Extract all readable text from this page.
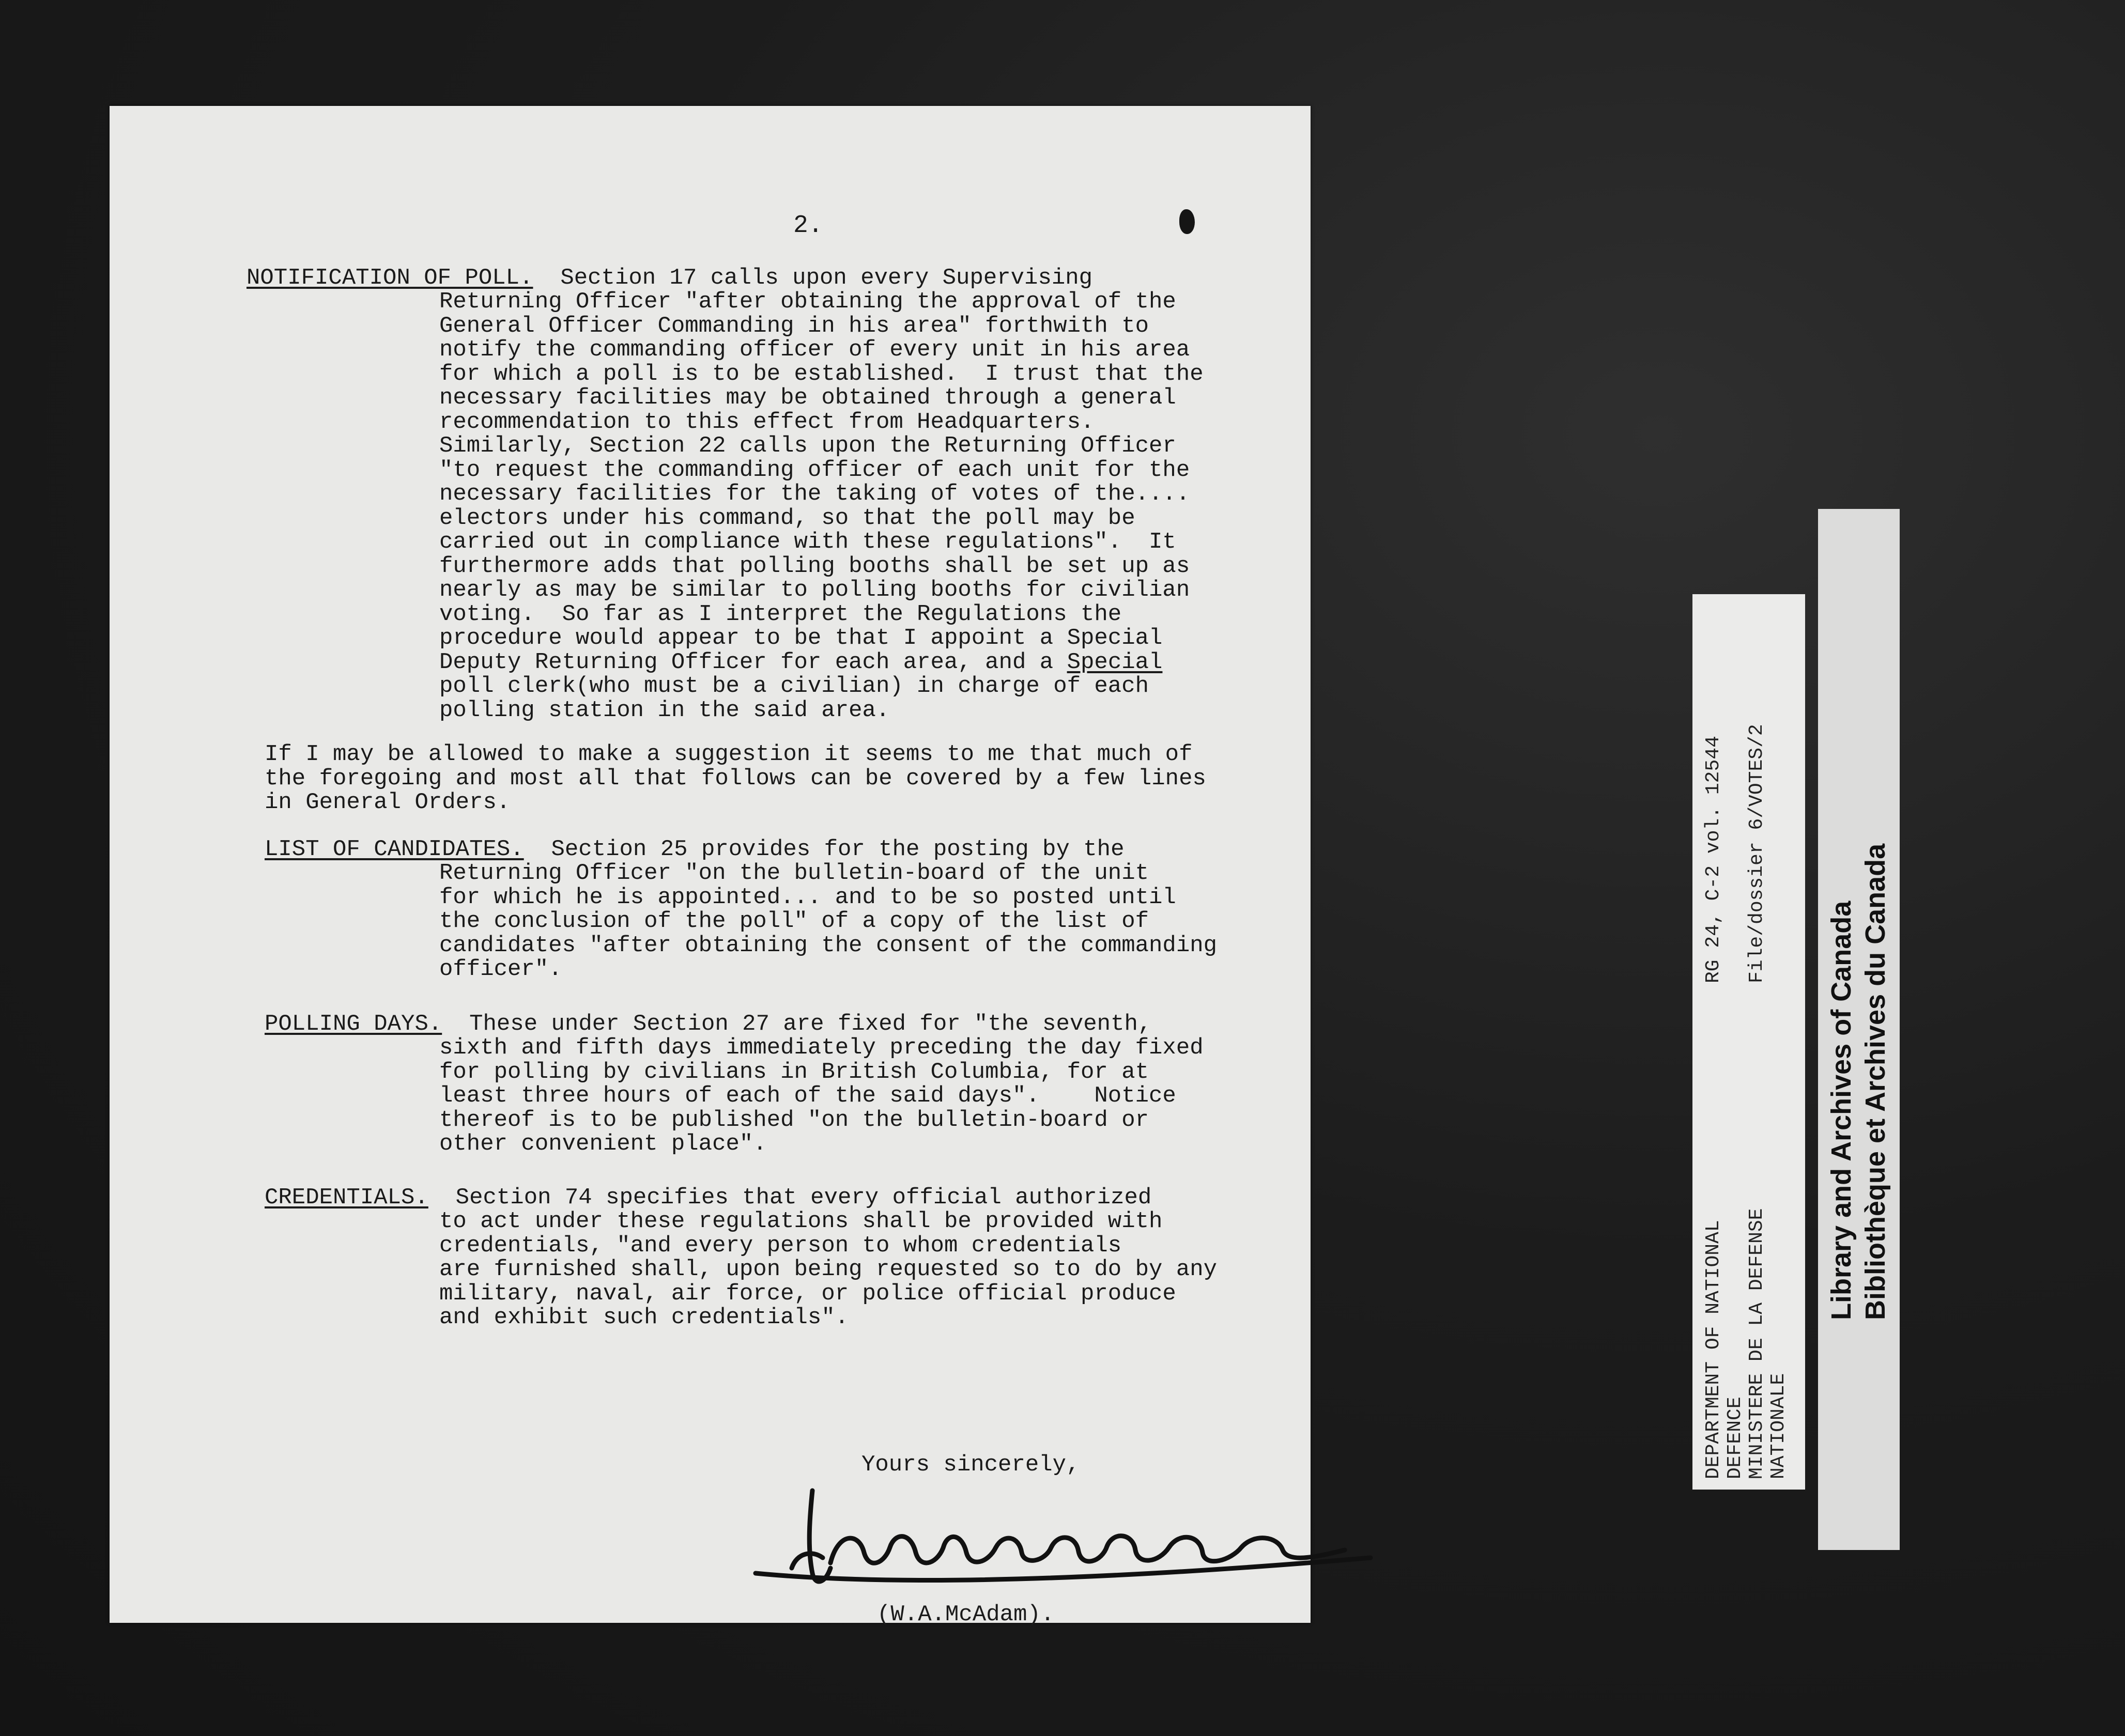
2.
NOTIFICATION OF POLL. Section 17 calls upon every Supervising
Returning Officer "after obtaining the approval of the
General Officer Commanding in his area" forthwith to
notify the commanding officer of every unit in his area
for which a poll is to be established.  I trust that the
necessary facilities may be obtained through a general
recommendation to this effect from Headquarters.
Similarly, Section 22 calls upon the Returning Officer
"to request the commanding officer of each unit for the
necessary facilities for the taking of votes of the....
electors under his command, so that the poll may be
carried out in compliance with these regulations".  It
furthermore adds that polling booths shall be set up as
nearly as may be similar to polling booths for civilian
voting.  So far as I interpret the Regulations the
procedure would appear to be that I appoint a Special
Deputy Returning Officer for each area, and a Special
poll clerk(who must be a civilian) in charge of each
polling station in the said area.
If I may be allowed to make a suggestion it seems to me that much of
the foregoing and most all that follows can be covered by a few lines
in General Orders.
LIST OF CANDIDATES. Section 25 provides for the posting by the
Returning Officer "on the bulletin-board of the unit
for which he is appointed... and to be so posted until
the conclusion of the poll" of a copy of the list of
candidates "after obtaining the consent of the commanding
officer".
POLLING DAYS. These under Section 27 are fixed for "the seventh,
sixth and fifth days immediately preceding the day fixed
for polling by civilians in British Columbia, for at
least three hours of each of the said days".    Notice
thereof is to be published "on the bulletin-board or
other convenient place".
CREDENTIALS. Section 74 specifies that every official authorized
to act under these regulations shall be provided with
credentials, "and every person to whom credentials
are furnished shall, upon being requested so to do by any
military, naval, air force, or police official produce
and exhibit such credentials".
Yours sincerely,
(W.A.McAdam).
DEPARTMENT OF NATIONAL DEFENCE MINISTERE DE LA DEFENSE NATIONALE
RG 24, C-2 vol. 12544 File/dossier 6/VOTES/2
Library and Archives of Canada Bibliothèque et Archives du Canada
